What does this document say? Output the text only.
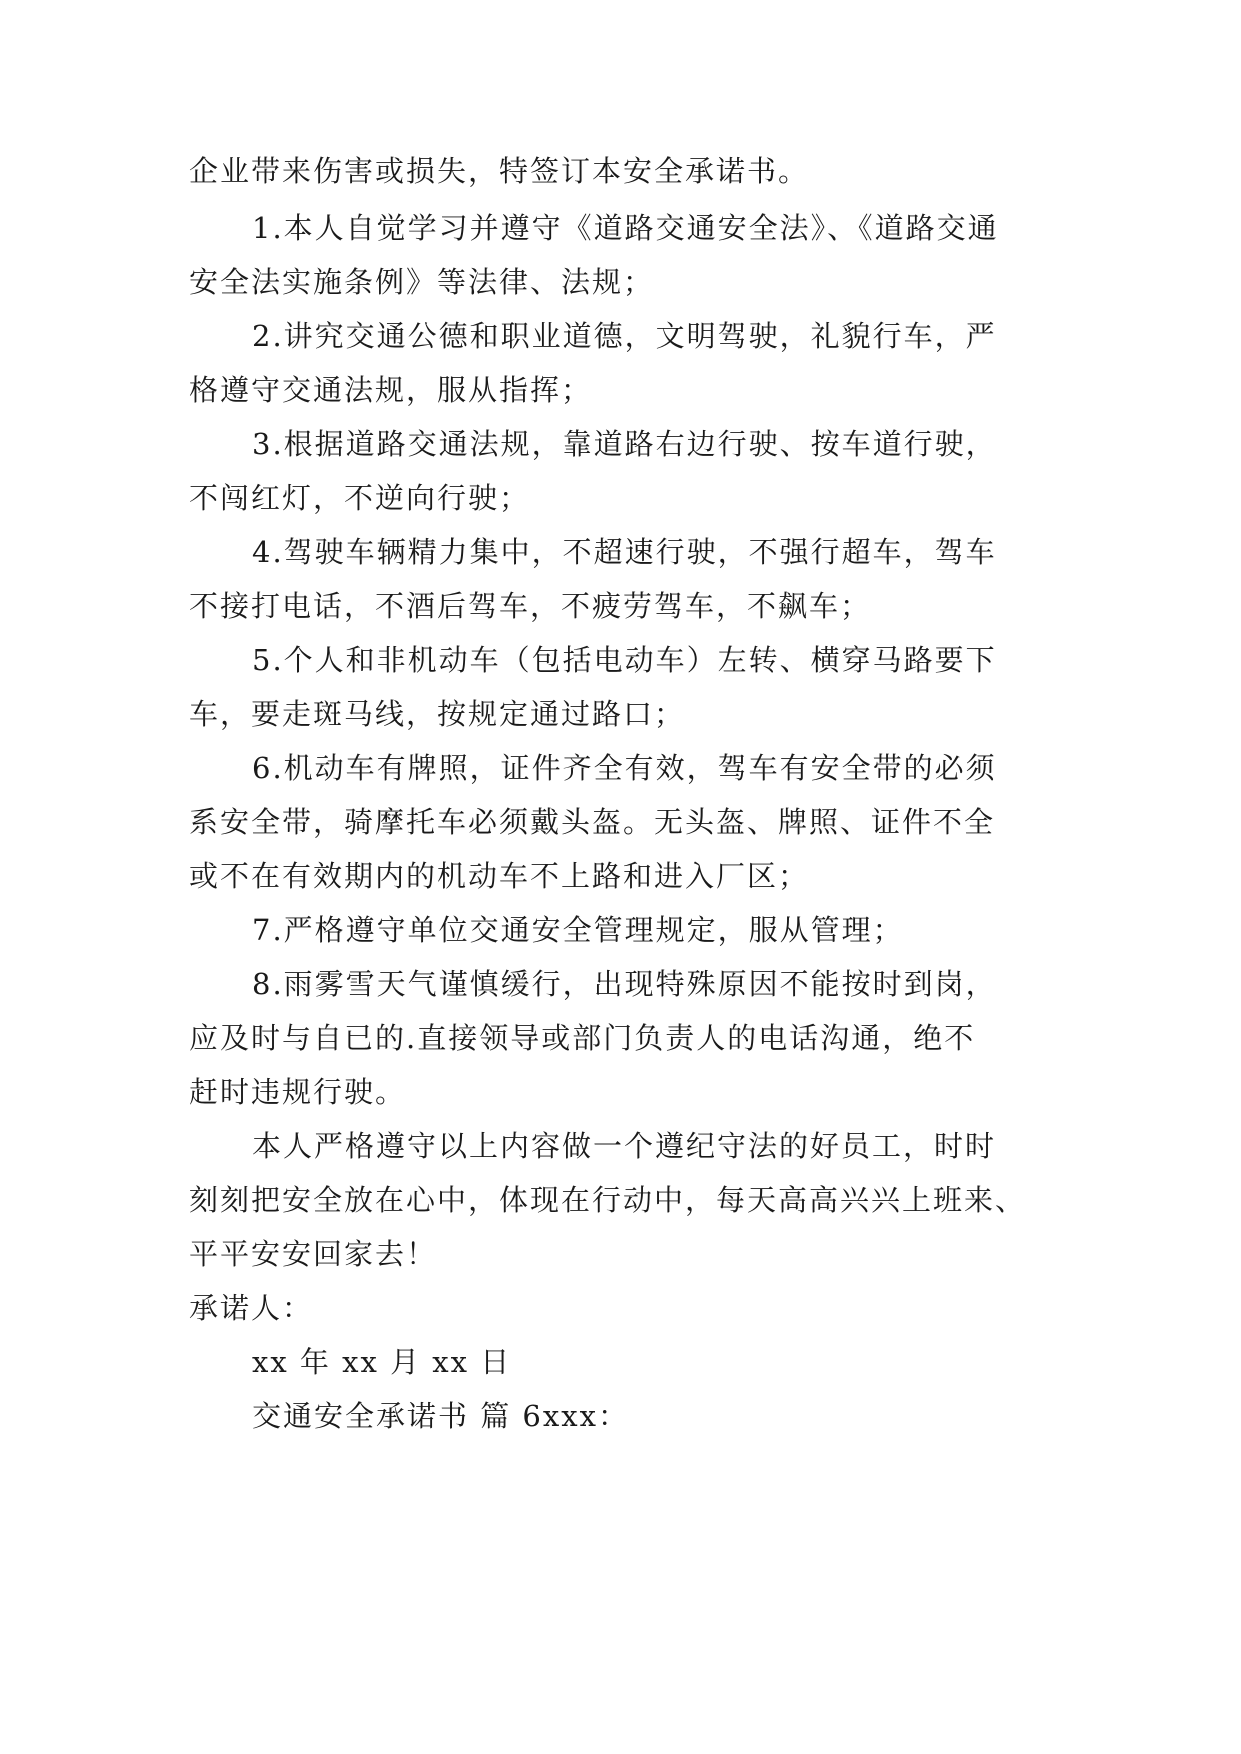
企业带来伤害或损失，特签订本安全承诺书。
1.本人自觉学习并遵守《道路交通安全法》、《道路交通
安全法实施条例》等法律、法规；
2.讲究交通公德和职业道德，文明驾驶，礼貌行车，严
格遵守交通法规，服从指挥；
3.根据道路交通法规，靠道路右边行驶、按车道行驶，
不闯红灯，不逆向行驶；
4.驾驶车辆精力集中，不超速行驶，不强行超车，驾车
不接打电话，不酒后驾车，不疲劳驾车，不飙车；
5.个人和非机动车（包括电动车）左转、横穿马路要下
车，要走斑马线，按规定通过路口；
6.机动车有牌照，证件齐全有效，驾车有安全带的必须
系安全带，骑摩托车必须戴头盔。无头盔、牌照、证件不全
或不在有效期内的机动车不上路和进入厂区；
7.严格遵守单位交通安全管理规定，服从管理；
8.雨雾雪天气谨慎缓行，出现特殊原因不能按时到岗，
应及时与自已的.直接领导或部门负责人的电话沟通，绝不
赶时违规行驶。
本人严格遵守以上内容做一个遵纪守法的好员工，时时
刻刻把安全放在心中，体现在行动中，每天高高兴兴上班来、
平平安安回家去！
承诺人：
xx 年 xx 月 xx 日
交通安全承诺书 篇 6xxx：
